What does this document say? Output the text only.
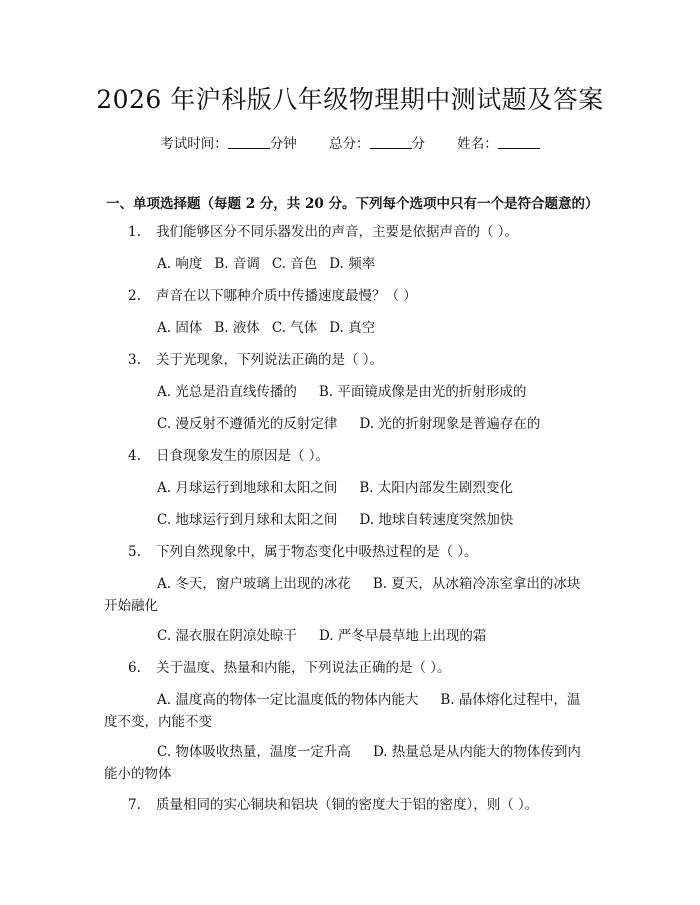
2026 年沪科版八年级物理期中测试题及答案
考试时间：	分钟 总分：	分 姓名：
一、单项选择题（每题 2 分，共 20 分。下列每个选项中只有一个是符合题意的）
1. 我们能够区分不同乐器发出的声音，主要是依据声音的（ ）。
A. 响度 B. 音调 C. 音色 D. 频率
2. 声音在以下哪种介质中传播速度最慢？（ ）
A. 固体 B. 液体 C. 气体 D. 真空
3. 关于光现象，下列说法正确的是（ ）。
A. 光总是沿直线传播的 B. 平面镜成像是由光的折射形成的
C. 漫反射不遵循光的反射定律 D. 光的折射现象是普遍存在的
4. 日食现象发生的原因是（ ）。
A. 月球运行到地球和太阳之间 B. 太阳内部发生剧烈变化
C. 地球运行到月球和太阳之间 D. 地球自转速度突然加快
5. 下列自然现象中，属于物态变化中吸热过程的是（ ）。
A. 冬天，窗户玻璃上出现的冰花 B. 夏天，从冰箱冷冻室拿出的冰块
开始融化
C. 湿衣服在阴凉处晾干 D. 严冬早晨草地上出现的霜
6. 关于温度、热量和内能，下列说法正确的是（ ）。
A. 温度高的物体一定比温度低的物体内能大 B. 晶体熔化过程中，温
度不变，内能不变
C. 物体吸收热量，温度一定升高 D. 热量总是从内能大的物体传到内
能小的物体
7. 质量相同的实心铜块和铝块（铜的密度大于铝的密度），则（ ）。
